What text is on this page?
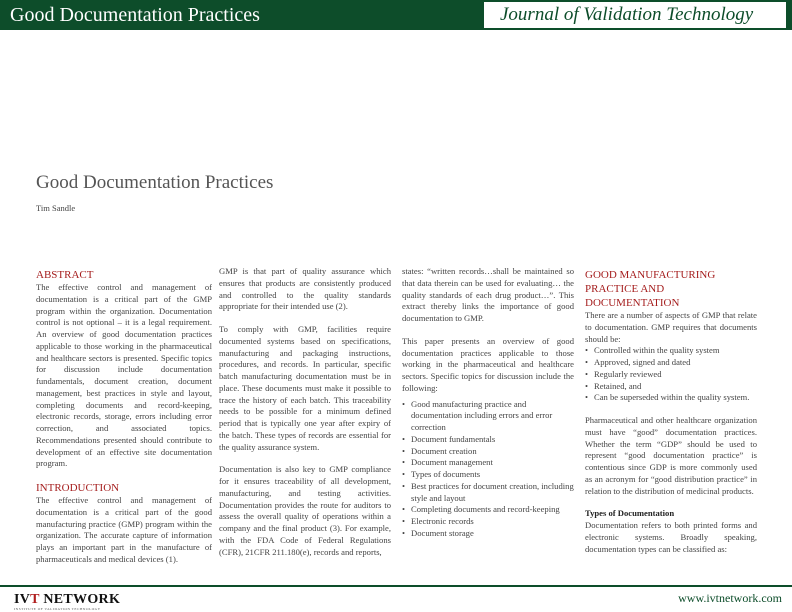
Good Documentation Practices	Journal of Validation Technology
Good Documentation Practices
Tim Sandle
ABSTRACT

The effective control and management of documentation is a critical part of the GMP program within the organization. Documentation control is not optional – it is a legal requirement. An overview of good documentation practices applicable to those working in the pharmaceutical and healthcare sectors is presented. Specific topics for discussion include documentation fundamentals, document creation, document management, best practices in style and layout, completing documents and record-keeping, electronic records, storage, errors including error correction, and associated topics. Recommendations presented should contribute to development of an effective site documentation program.

INTRODUCTION

The effective control and management of documentation is a critical part of the good manufacturing practice (GMP) program within the organization. The accurate capture of information plays an important part in the manufacture of pharmaceuticals and medical devices (1).

GMP is that part of quality assurance which ensures that products are consistently produced and controlled to the quality standards appropriate for their intended use (2).

To comply with GMP, facilities require documented systems based on specifications, manufacturing and packaging instructions, procedures, and records. In particular, specific batch manufacturing documentation must be in place. These documents must make it possible to trace the history of each batch. This traceability needs to be possible for a minimum defined period that is typically one year after expiry of the batch. These types of records are essential for the quality assurance system.

Documentation is also key to GMP compliance for it ensures traceability of all development, manufacturing, and testing activities. Documentation provides the route for auditors to assess the overall quality of operations within a company and the final product (3). For example, with the FDA Code of Federal Regulations (CFR), 21CFR 211.180(e), records and reports,

states: “written records…shall be maintained so that data therein can be used for evaluating… the quality standards of each drug product…”. This extract thereby links the importance of good documentation to GMP.

This paper presents an overview of good documentation practices applicable to those working in the pharmaceutical and healthcare sectors. Specific topics for discussion include the following:

• Good manufacturing practice and documentation including errors and error correction
• Document fundamentals
• Document creation
• Document management
• Types of documents
• Best practices for document creation, including style and layout
• Completing documents and record-keeping
• Electronic records
• Document storage
GOOD MANUFACTURING PRACTICE AND DOCUMENTATION

There are a number of aspects of GMP that relate to documentation. GMP requires that documents should be:

• Controlled within the quality system
• Approved, signed and dated
• Regularly reviewed
• Retained, and
• Can be superseded within the quality system.

Pharmaceutical and other healthcare organization must have “good” documentation practices. Whether the term “GDP” should be used to represent “good documentation practice” is contentious since GDP is more commonly used as an acronym for “good distribution practice” in relation to the distribution of medicinal products.

Types of Documentation

Documentation refers to both printed forms and electronic systems. Broadly speaking, documentation types can be classified as:

IVT NETWORK
INSTITUTE OF VALIDATION TECHNOLOGY
www.ivtnetwork.com
